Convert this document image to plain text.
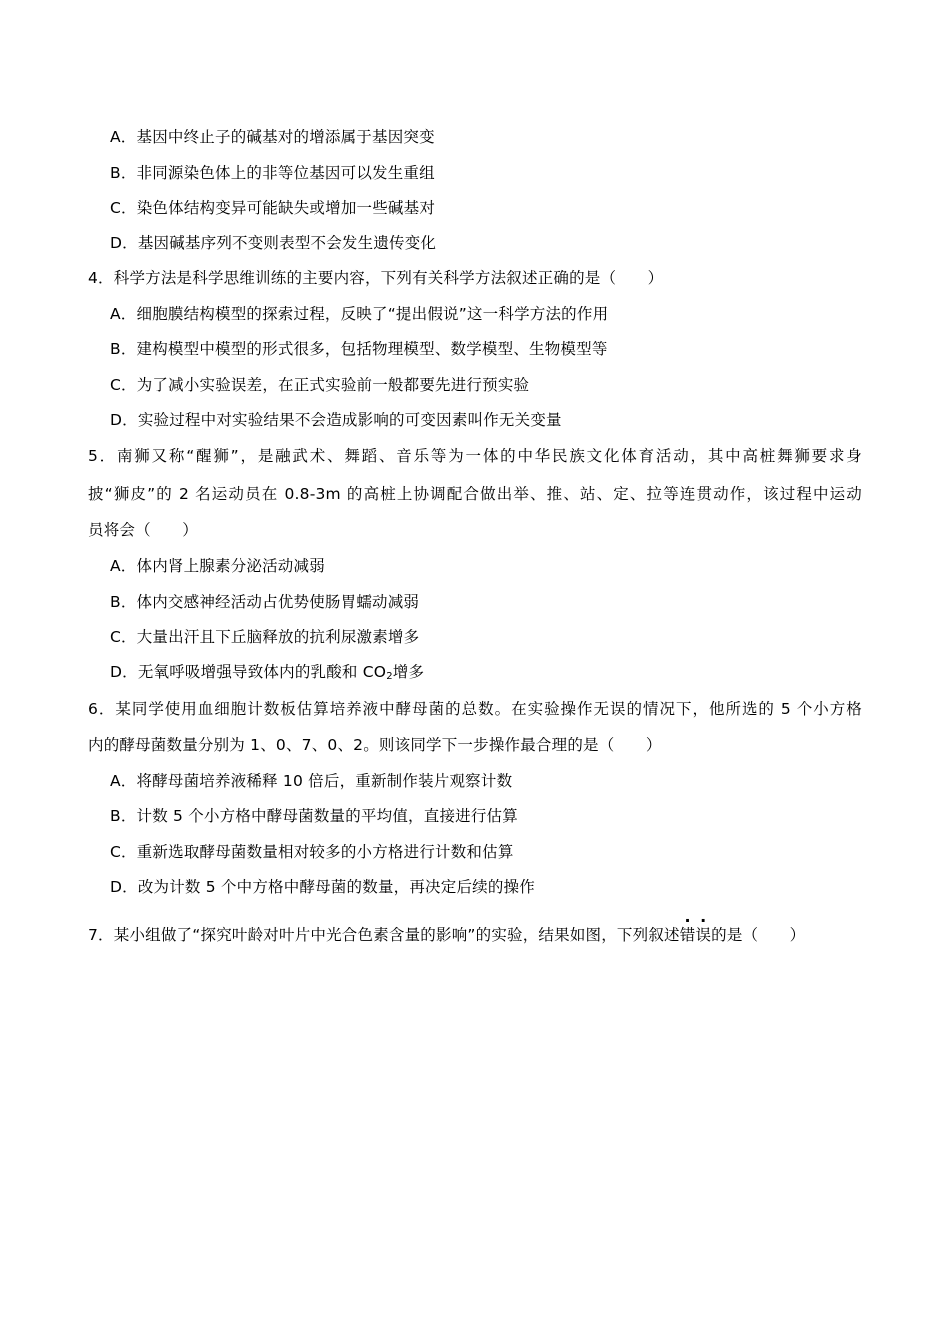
A．基因中终止子的碱基对的增添属于基因突变
B．非同源染色体上的非等位基因可以发生重组
C．染色体结构变异可能缺失或增加一些碱基对
D．基因碱基序列不变则表型不会发生遗传变化
4．科学方法是科学思维训练的主要内容，下列有关科学方法叙述正确的是（　　）
A．细胞膜结构模型的探索过程，反映了“提出假说”这一科学方法的作用
B．建构模型中模型的形式很多，包括物理模型、数学模型、生物模型等
C．为了减小实验误差，在正式实验前一般都要先进行预实验
D．实验过程中对实验结果不会造成影响的可变因素叫作无关变量
5．南狮又称“醒狮”，是融武术、舞蹈、音乐等为一体的中华民族文化体育活动，其中高桩舞狮要求身
披“狮皮”的 2 名运动员在 0.8-3m 的高桩上协调配合做出举、推、站、定、拉等连贯动作，该过程中运动
员将会（　　）
A．体内肾上腺素分泌活动减弱
B．体内交感神经活动占优势使肠胃蠕动减弱
C．大量出汗且下丘脑释放的抗利尿激素增多
D．无氧呼吸增强导致体内的乳酸和 $CO_2$增多
6．某同学使用血细胞计数板估算培养液中酵母菌的总数。在实验操作无误的情况下，他所选的 5 个小方格
内的酵母菌数量分别为 1、0、7、0、2。则该同学下一步操作最合理的是（　　）
A．将酵母菌培养液稀释 10 倍后，重新制作装片观察计数
B．计数 5 个小方格中酵母菌数量的平均值，直接进行估算
C．重新选取酵母菌数量相对较多的小方格进行计数和估算
D．改为计数 5 个中方格中酵母菌的数量，再决定后续的操作
7．某小组做了“探究叶龄对叶片中光合色素含量的影响”的实验，结果如图，下列叙述错误的是（　　）
